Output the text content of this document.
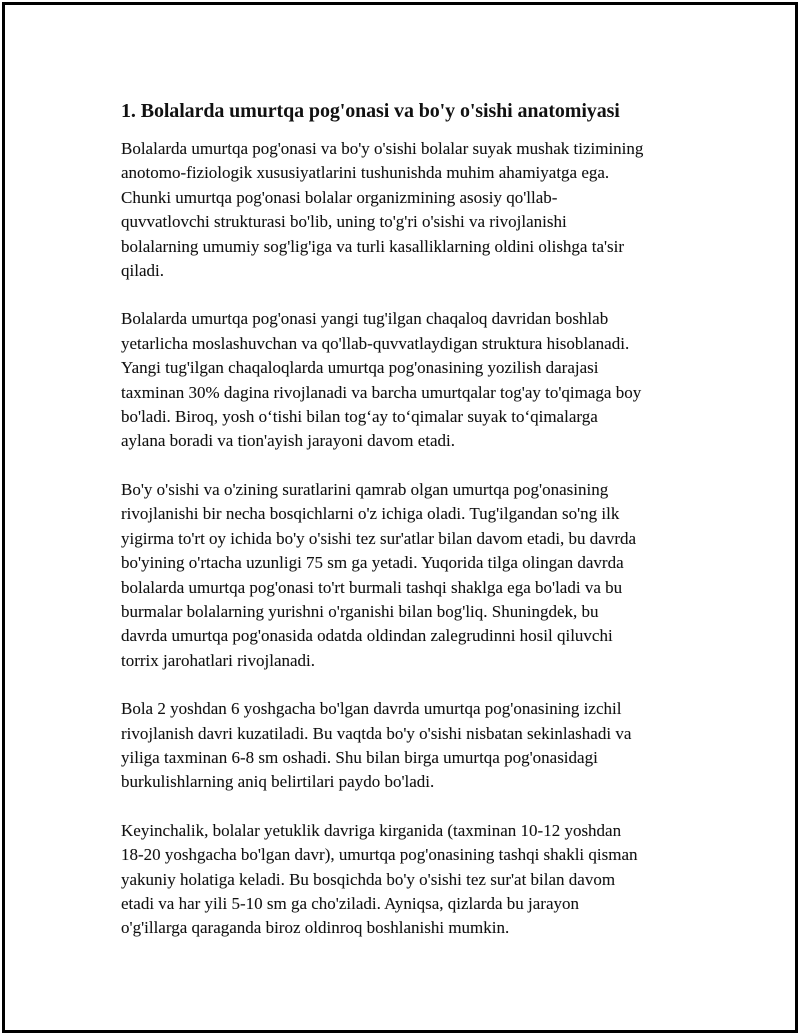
1. Bolalarda umurtqa pog'onasi va bo'y o'sishi anatomiyasi

Bolalarda umurtqa pog'onasi va bo'y o'sishi bolalar suyak mushak tizimining
anotomo-fiziologik xususiyatlarini tushunishda muhim ahamiyatga ega.
Chunki umurtqa pog'onasi bolalar organizmining asosiy qo'llab-
quvvatlovchi strukturasi bo'lib, uning to'g'ri o'sishi va rivojlanishi
bolalarning umumiy sog'lig'iga va turli kasalliklarning oldini olishga ta'sir
qiladi.

Bolalarda umurtqa pog'onasi yangi tug'ilgan chaqaloq davridan boshlab
yetarlicha moslashuvchan va qo'llab-quvvatlaydigan struktura hisoblanadi.
Yangi tug'ilgan chaqaloqlarda umurtqa pog'onasining yozilish darajasi
taxminan 30% dagina rivojlanadi va barcha umurtqalar tog'ay to'qimaga boy
bo'ladi. Biroq, yosh o‘tishi bilan tog‘ay to‘qimalar suyak to‘qimalarga
aylana boradi va tion'ayish jarayoni davom etadi.

Bo'y o'sishi va o'zining suratlarini qamrab olgan umurtqa pog'onasining
rivojlanishi bir necha bosqichlarni o'z ichiga oladi. Tug'ilgandan so'ng ilk
yigirma to'rt oy ichida bo'y o'sishi tez sur'atlar bilan davom etadi, bu davrda
bo'yining o'rtacha uzunligi 75 sm ga yetadi. Yuqorida tilga olingan davrda
bolalarda umurtqa pog'onasi to'rt burmali tashqi shaklga ega bo'ladi va bu
burmalar bolalarning yurishni o'rganishi bilan bog'liq. Shuningdek, bu
davrda umurtqa pog'onasida odatda oldindan zalegrudinni hosil qiluvchi
torrix jarohatlari rivojlanadi.

Bola 2 yoshdan 6 yoshgacha bo'lgan davrda umurtqa pog'onasining izchil
rivojlanish davri kuzatiladi. Bu vaqtda bo'y o'sishi nisbatan sekinlashadi va
yiliga taxminan 6-8 sm oshadi. Shu bilan birga umurtqa pog'onasidagi
burkulishlarning aniq belirtilari paydo bo'ladi.

Keyinchalik, bolalar yetuklik davriga kirganida (taxminan 10-12 yoshdan
18-20 yoshgacha bo'lgan davr), umurtqa pog'onasining tashqi shakli qisman
yakuniy holatiga keladi. Bu bosqichda bo'y o'sishi tez sur'at bilan davom
etadi va har yili 5-10 sm ga cho'ziladi. Ayniqsa, qizlarda bu jarayon
o'g'illarga qaraganda biroz oldinroq boshlanishi mumkin.
